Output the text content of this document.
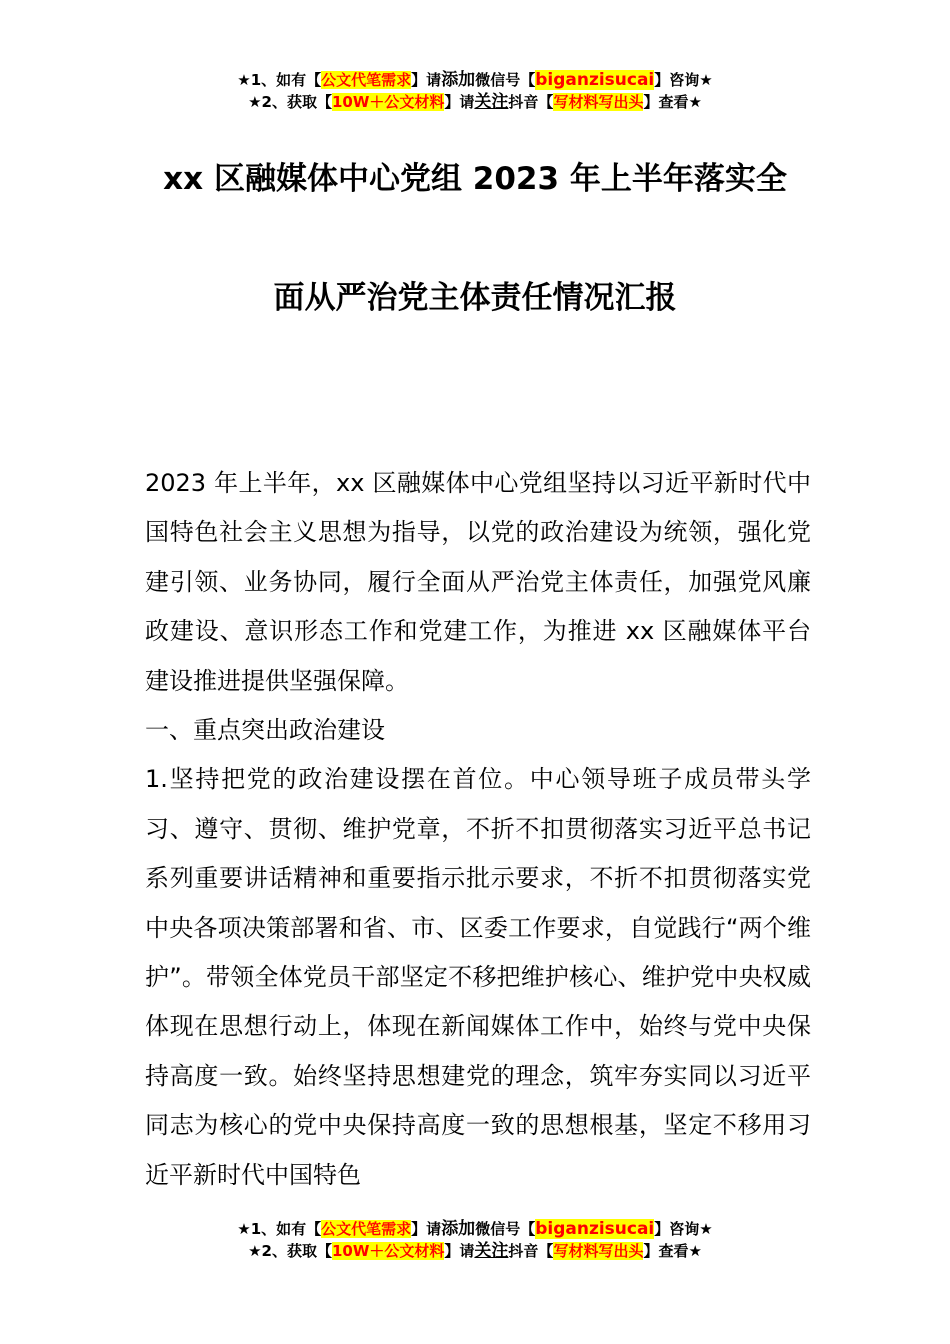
★1、如有【公文代笔需求】请添加微信号【biganzisucai】咨询★
★2、获取【10W＋公文材料】请关注抖音【写材料写出头】查看★
xx 区融媒体中心党组 2023 年上半年落实全
面从严治党主体责任情况汇报

2023 年上半年，xx 区融媒体中心党组坚持以习近平新时代中国特色社会主义思想为指导，以党的政治建设为统领，强化党建引领、业务协同，履行全面从严治党主体责任，加强党风廉政建设、意识形态工作和党建工作，为推进 xx 区融媒体平台建设推进提供坚强保障。

一、重点突出政治建设

1.坚持把党的政治建设摆在首位。中心领导班子成员带头学习、遵守、贯彻、维护党章，不折不扣贯彻落实习近平总书记系列重要讲话精神和重要指示批示要求，不折不扣贯彻落实党中央各项决策部署和省、市、区委工作要求，自觉践行“两个维护”。带领全体党员干部坚定不移把维护核心、维护党中央权威体现在思想行动上，体现在新闻媒体工作中，始终与党中央保持高度一致。始终坚持思想建党的理念，筑牢夯实同以习近平同志为核心的党中央保持高度一致的思想根基，坚定不移用习近平新时代中国特色

★1、如有【公文代笔需求】请添加微信号【biganzisucai】咨询★
★2、获取【10W＋公文材料】请关注抖音【写材料写出头】查看★
